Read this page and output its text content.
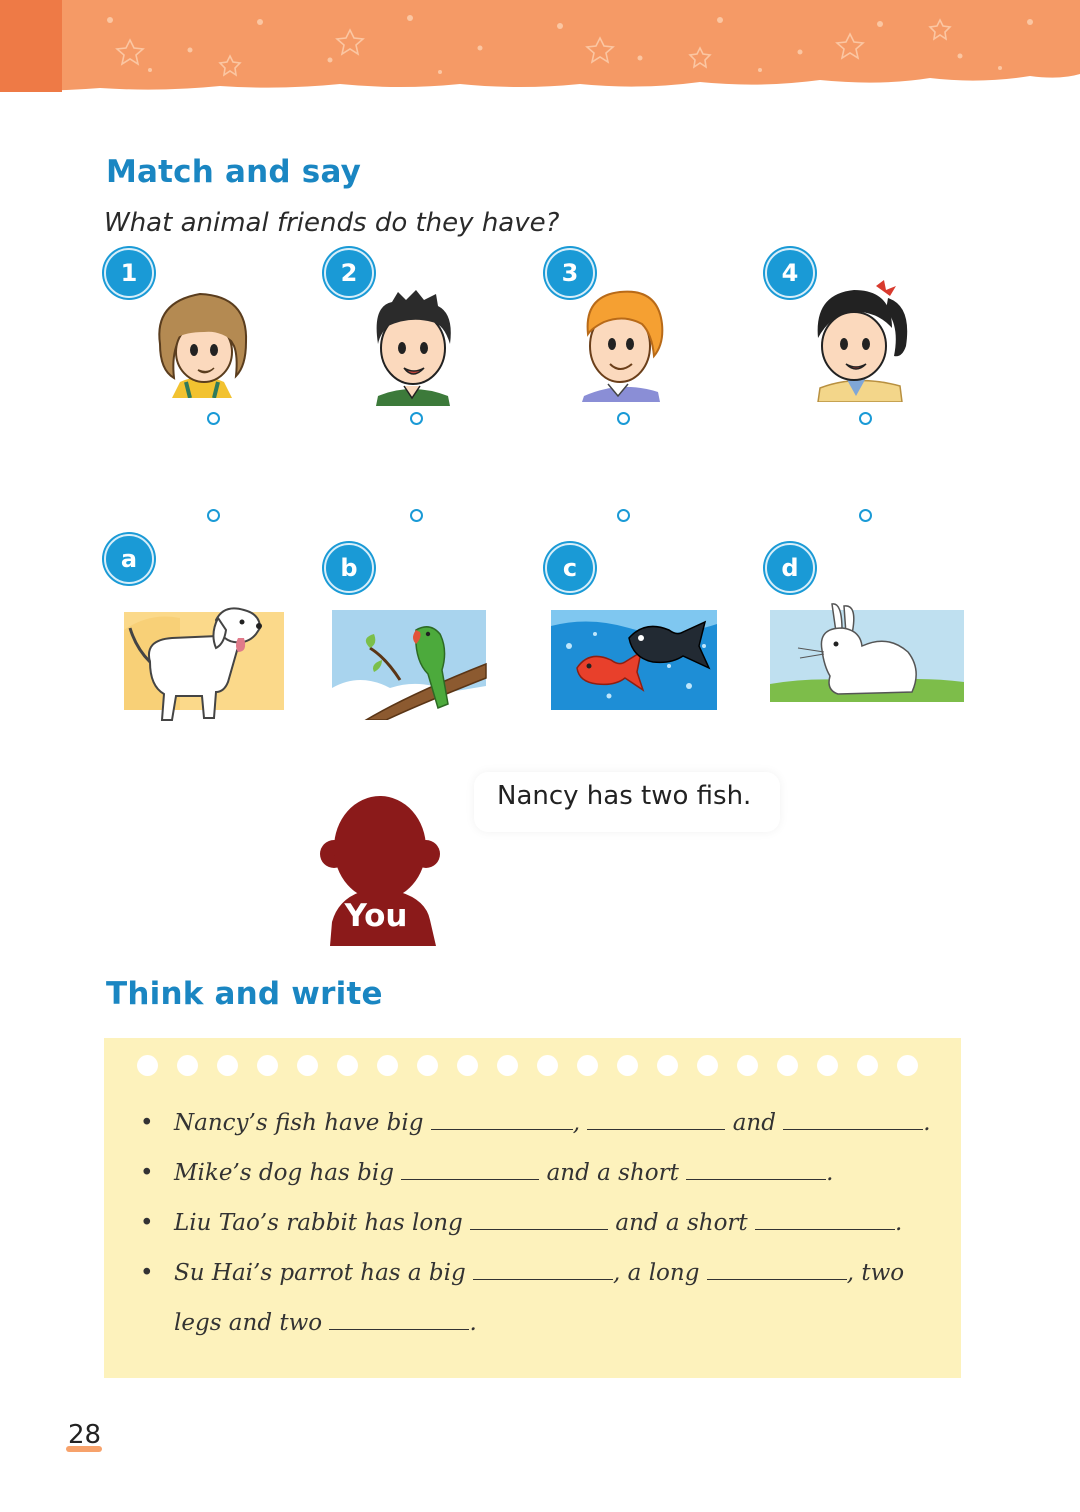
Match and say

What animal friends do they have?

1	2	3	4
a	b	c	d

Nancy has two fish.

You
Think and write

• Nancy’s fish have big	,	and	.

• Mike’s dog has big	and a short	.

• Liu Tao’s rabbit has long	and a short	.

• Su Hai’s parrot has a big	, a long	, two

legs and two	.

28
